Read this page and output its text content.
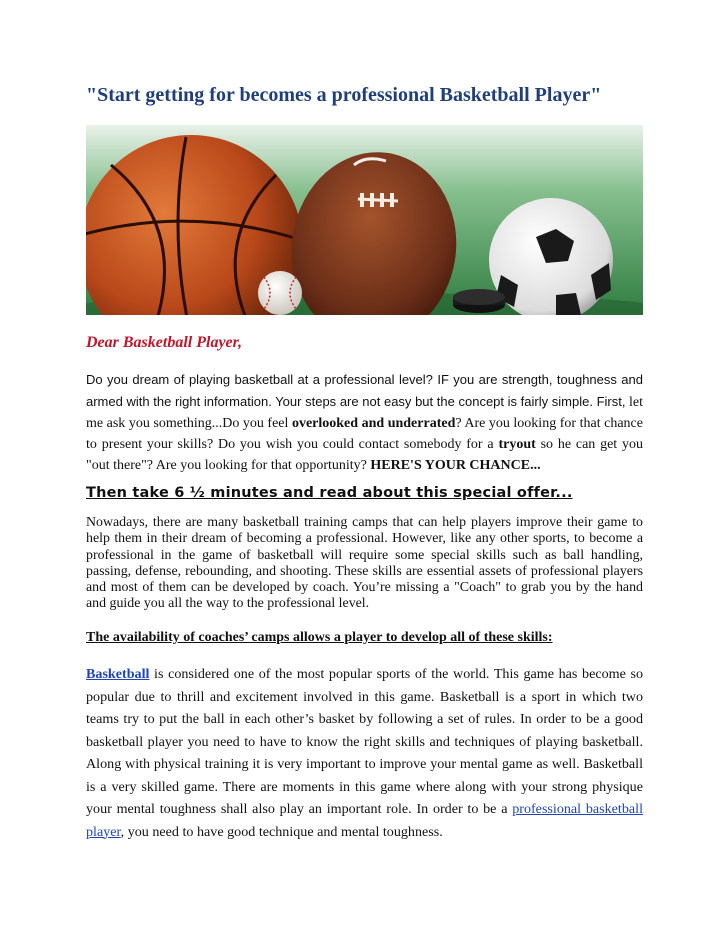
"Start getting for becomes a professional Basketball Player"

Dear Basketball Player,

Do you dream of playing basketball at a professional level? IF you are strength, toughness and armed with the right information. Your steps are not easy but the concept is fairly simple. First, let me ask you something...Do you feel overlooked and underrated? Are you looking for that chance to present your skills? Do you wish you could contact somebody for a tryout so he can get you "out there"? Are you looking for that opportunity? HERE'S YOUR CHANCE...

Then take 6 ½ minutes and read about this special offer...

Nowadays, there are many basketball training camps that can help players improve their game to help them in their dream of becoming a professional. However, like any other sports, to become a professional in the game of basketball will require some special skills such as ball handling, passing, defense, rebounding, and shooting. These skills are essential assets of professional players and most of them can be developed by coach. You’re missing a "Coach" to grab you by the hand and guide you all the way to the professional level.

The availability of coaches’ camps allows a player to develop all of these skills:

Basketball is considered one of the most popular sports of the world. This game has become so popular due to thrill and excitement involved in this game. Basketball is a sport in which two teams try to put the ball in each other’s basket by following a set of rules. In order to be a good basketball player you need to have to know the right skills and techniques of playing basketball. Along with physical training it is very important to improve your mental game as well. Basketball is a very skilled game. There are moments in this game where along with your strong physique your mental toughness shall also play an important role. In order to be a professional basketball player, you need to have good technique and mental toughness.
